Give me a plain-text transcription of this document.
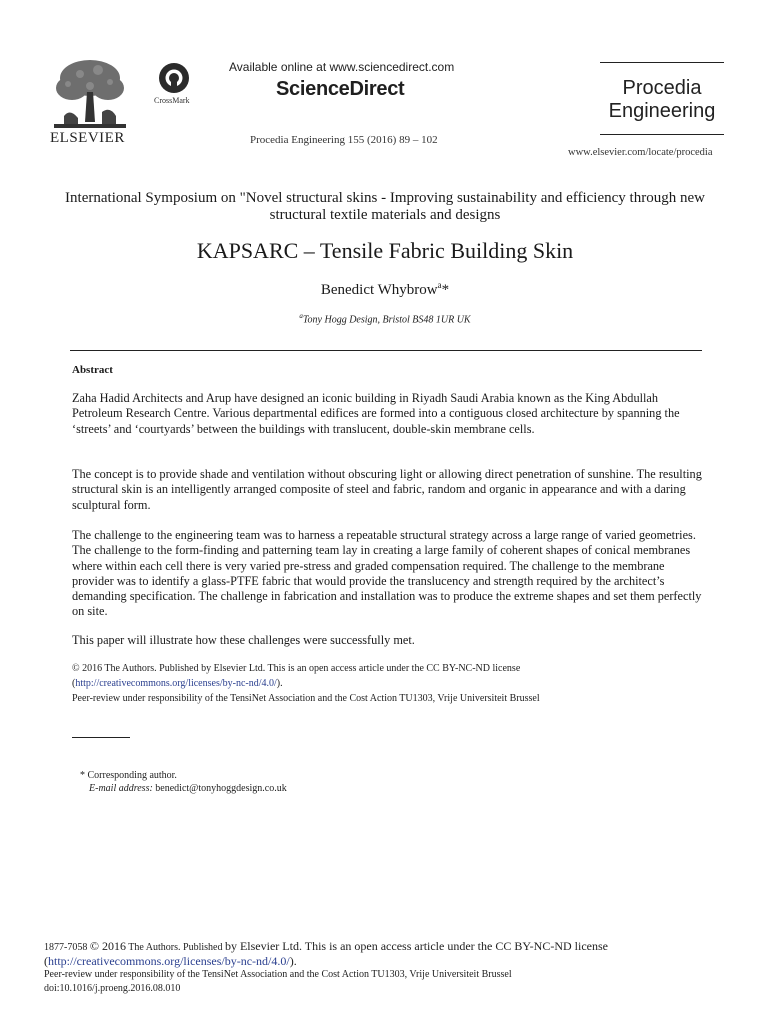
ELSEVIER
CrossMark
Available online at www.sciencedirect.com
ScienceDirect
Procedia Engineering 155 (2016) 89 – 102
Procedia
Engineering
www.elsevier.com/locate/procedia
International Symposium on "Novel structural skins - Improving sustainability and efficiency through new structural textile materials and designs
KAPSARC – Tensile Fabric Building Skin
Benedict Whybrow$^a$*
$^a$Tony Hogg Design, Bristol BS48 1UR UK
Abstract
Zaha Hadid Architects and Arup have designed an iconic building in Riyadh Saudi Arabia known as the King Abdullah Petroleum Research Centre. Various departmental edifices are formed into a contiguous closed architecture by spanning the ‘streets’ and ‘courtyards’ between the buildings with translucent, double-skin membrane cells.
The concept is to provide shade and ventilation without obscuring light or allowing direct penetration of sunshine. The resulting structural skin is an intelligently arranged composite of steel and fabric, random and organic in appearance and with a daring sculptural form.
The challenge to the engineering team was to harness a repeatable structural strategy across a large range of varied geometries. The challenge to the form-finding and patterning team lay in creating a large family of coherent shapes of conical membranes where within each cell there is very varied pre-stress and graded compensation required. The challenge to the membrane provider was to identify a glass-PTFE fabric that would provide the translucency and strength required by the architect’s demanding specification. The challenge in fabrication and installation was to produce the extreme shapes and set them perfectly on site.
This paper will illustrate how these challenges were successfully met.
© 2016 The Authors. Published by Elsevier Ltd. This is an open access article under the CC BY-NC-ND license
(http://creativecommons.org/licenses/by-nc-nd/4.0/).
Peer-review under responsibility of the TensiNet Association and the Cost Action TU1303, Vrije Universiteit Brussel
* Corresponding author.
E-mail address: benedict@tonyhoggdesign.co.uk
1877-7058 © 2016 The Authors. Published by Elsevier Ltd. This is an open access article under the CC BY-NC-ND license
(http://creativecommons.org/licenses/by-nc-nd/4.0/).
Peer-review under responsibility of the TensiNet Association and the Cost Action TU1303, Vrije Universiteit Brussel
doi:10.1016/j.proeng.2016.08.010
